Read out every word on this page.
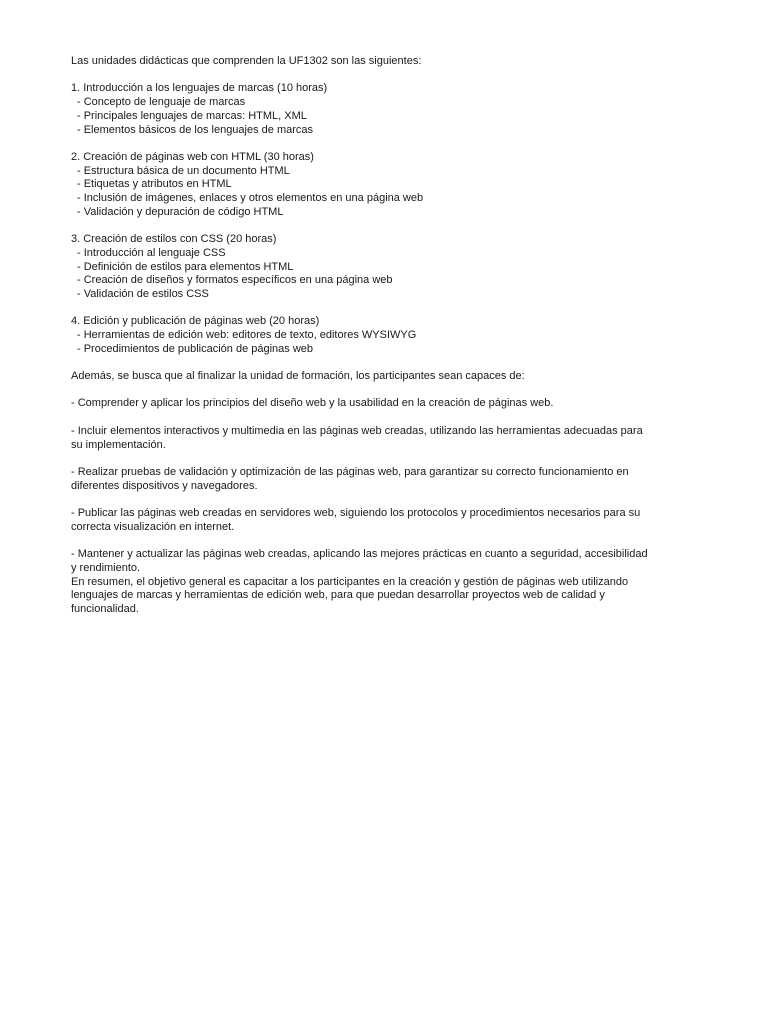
Las unidades didácticas que comprenden la UF1302 son las siguientes:
1. Introducción a los lenguajes de marcas (10 horas)
- Concepto de lenguaje de marcas
- Principales lenguajes de marcas: HTML, XML
- Elementos básicos de los lenguajes de marcas
2. Creación de páginas web con HTML (30 horas)
- Estructura básica de un documento HTML
- Etiquetas y atributos en HTML
- Inclusión de imágenes, enlaces y otros elementos en una página web
- Validación y depuración de código HTML
3. Creación de estilos con CSS (20 horas)
- Introducción al lenguaje CSS
- Definición de estilos para elementos HTML
- Creación de diseños y formatos específicos en una página web
- Validación de estilos CSS
4. Edición y publicación de páginas web (20 horas)
- Herramientas de edición web: editores de texto, editores WYSIWYG
- Procedimientos de publicación de páginas web
Además, se busca que al finalizar la unidad de formación, los participantes sean capaces de:
- Comprender y aplicar los principios del diseño web y la usabilidad en la creación de páginas web.
- Incluir elementos interactivos y multimedia en las páginas web creadas, utilizando las herramientas adecuadas para su implementación.
- Realizar pruebas de validación y optimización de las páginas web, para garantizar su correcto funcionamiento en diferentes dispositivos y navegadores.
- Publicar las páginas web creadas en servidores web, siguiendo los protocolos y procedimientos necesarios para su correcta visualización en internet.
- Mantener y actualizar las páginas web creadas, aplicando las mejores prácticas en cuanto a seguridad, accesibilidad y rendimiento.
En resumen, el objetivo general es capacitar a los participantes en la creación y gestión de páginas web utilizando lenguajes de marcas y herramientas de edición web, para que puedan desarrollar proyectos web de calidad y funcionalidad.
